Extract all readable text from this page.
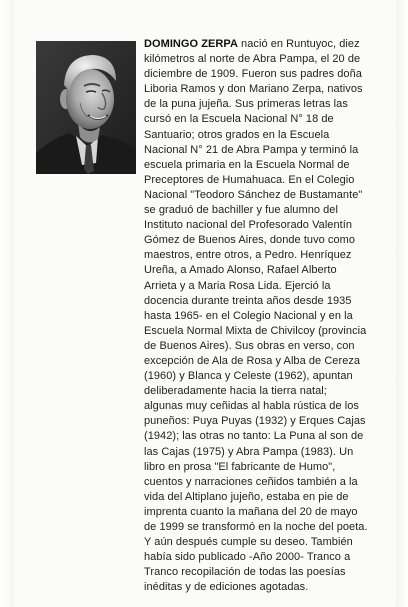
DOMINGO ZERPA nació en Runtuyoc, diez
kilómetros al norte de Abra Pampa, el 20 de
diciembre de 1909. Fueron sus padres doña
Liboria Ramos y don Mariano Zerpa, nativos
de la puna jujeña. Sus primeras letras las
cursó en la Escuela Nacional N° 18 de
Santuario; otros grados en la Escuela
Nacional N° 21 de Abra Pampa y terminó la
escuela primaria en la Escuela Normal de
Preceptores de Humahuaca. En el Colegio
Nacional "Teodoro Sánchez de Bustamante"
se graduó de bachiller y fue alumno del
Instituto nacional del Profesorado Valentín
Gómez de Buenos Aires, donde tuvo como
maestros, entre otros, a Pedro. Henríquez
Ureña, a Amado Alonso, Rafael Alberto
Arrieta y a Maria Rosa Lida. Ejerció la
docencia durante treinta años desde 1935
hasta 1965- en el Colegio Nacional y en la
Escuela Normal Mixta de Chivilcoy (provincia
de Buenos Aires). Sus obras en verso, con
excepción de Ala de Rosa y Alba de Cereza
(1960) y Blanca y Celeste (1962), apuntan
deliberadamente hacia la tierra natal;
algunas muy ceñidas al habla rústica de los
puneños: Puya Puyas (1932) y Erques Cajas
(1942); las otras no tanto: La Puna al son de
las Cajas (1975) y Abra Pampa (1983). Un
libro en prosa "El fabricante de Humo",
cuentos y narraciones ceñidos también a la
vida del Altiplano jujeño, estaba en pie de
imprenta cuanto la mañana del 20 de mayo
de 1999 se transformó en la noche del poeta.
Y aún después cumple su deseo. También
había sido publicado -Año 2000- Tranco a
Tranco recopilación de todas las poesías
inéditas y de ediciones agotadas.
